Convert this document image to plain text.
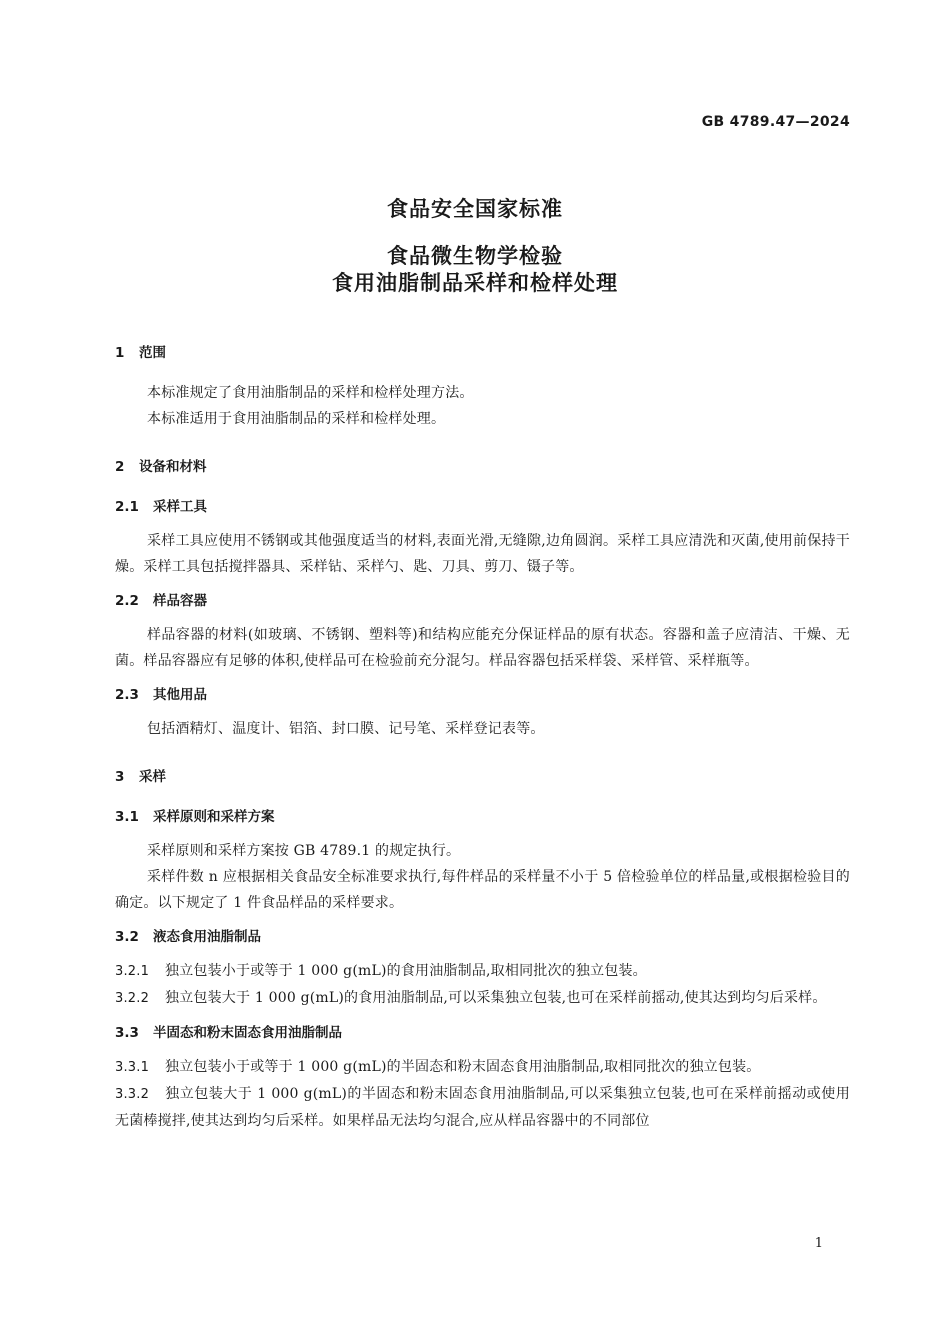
GB 4789.47—2024
食品安全国家标准
食品微生物学检验
食用油脂制品采样和检样处理
1 范围

本标准规定了食用油脂制品的采样和检样处理方法。

本标准适用于食用油脂制品的采样和检样处理。

2 设备和材料
2.1 采样工具

采样工具应使用不锈钢或其他强度适当的材料,表面光滑,无缝隙,边角圆润。采样工具应清洗和灭菌,使用前保持干燥。采样工具包括搅拌器具、采样钻、采样勺、匙、刀具、剪刀、镊子等。

2.2 样品容器

样品容器的材料(如玻璃、不锈钢、塑料等)和结构应能充分保证样品的原有状态。容器和盖子应清洁、干燥、无菌。样品容器应有足够的体积,使样品可在检验前充分混匀。样品容器包括采样袋、采样管、采样瓶等。

2.3 其他用品

包括酒精灯、温度计、铝箔、封口膜、记号笔、采样登记表等。

3 采样
3.1 采样原则和采样方案

采样原则和采样方案按 GB 4789.1 的规定执行。

采样件数 n 应根据相关食品安全标准要求执行,每件样品的采样量不小于 5 倍检验单位的样品量,或根据检验目的确定。以下规定了 1 件食品样品的采样要求。

3.2 液态食用油脂制品

3.2.1 独立包装小于或等于 1 000 g(mL)的食用油脂制品,取相同批次的独立包装。

3.2.2 独立包装大于 1 000 g(mL)的食用油脂制品,可以采集独立包装,也可在采样前摇动,使其达到均匀后采样。

3.3 半固态和粉末固态食用油脂制品

3.3.1 独立包装小于或等于 1 000 g(mL)的半固态和粉末固态食用油脂制品,取相同批次的独立包装。

3.3.2 独立包装大于 1 000 g(mL)的半固态和粉末固态食用油脂制品,可以采集独立包装,也可在采样前摇动或使用无菌棒搅拌,使其达到均匀后采样。如果样品无法均匀混合,应从样品容器中的不同部位

1
